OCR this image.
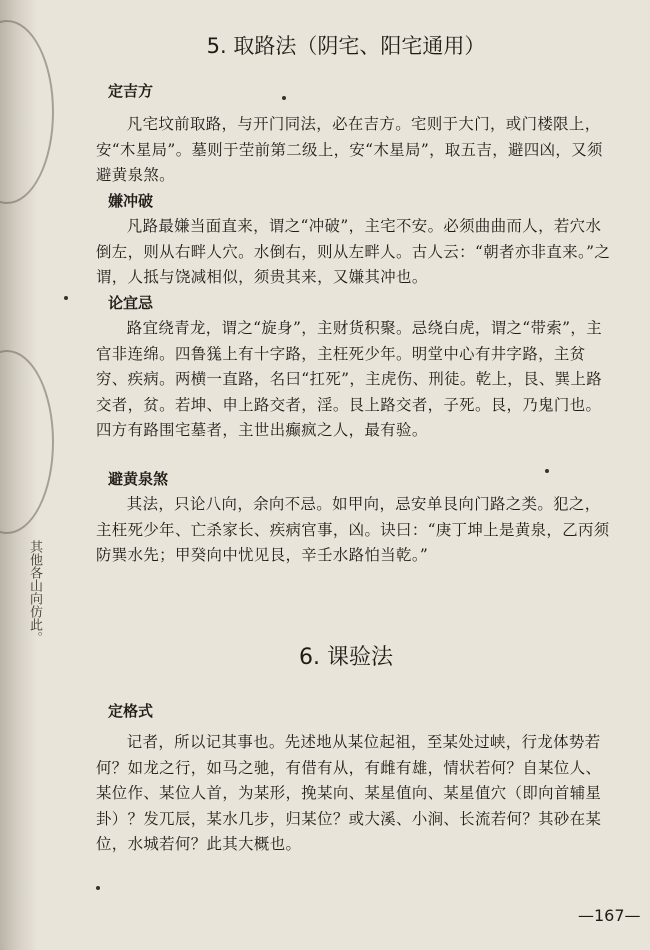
其他各山向仿此。
5. 取路法（阴宅、阳宅通用）
定吉方

凡宅坟前取路，与开门同法，必在吉方。宅则于大门，或门楼限上，安“木星局”。墓则于茔前第二级上，安“木星局”，取五吉，避四凶，又须避黄泉煞。

嫌冲破

凡路最嫌当面直来，谓之“冲破”，主宅不安。必须曲曲而人，若穴水倒左，则从右畔人穴。水倒右，则从左畔人。古人云：“朝者亦非直来。”之谓，人抵与饶减相似，须贵其来，又嫌其冲也。

论宜忌

路宜绕青龙，谓之“旋身”，主财货积聚。忌绕白虎，谓之“带索”，主官非连绵。四鲁獇上有十字路，主枉死少年。明堂中心有井字路，主贫穷、疾病。两横一直路，名曰“扛死”，主虎伤、刑徒。乾上，艮、巽上路交者，贫。若坤、申上路交者，淫。艮上路交者，子死。艮，乃鬼门也。四方有路围宅墓者，主世出癫疯之人，最有验。

避黄泉煞

其法，只论八向，余向不忌。如甲向，忌安单艮向门路之类。犯之，主枉死少年、亡杀家长、疾病官事，凶。诀曰：“庚丁坤上是黄泉，乙丙须防巽水先；甲癸向中忧见艮，辛壬水路怕当乾。”

6. 课验法
定格式

记者，所以记其事也。先述地从某位起祖，至某处过峡，行龙体势若何？如龙之行，如马之驰，有借有从，有雌有雄，情状若何？自某位人、某位作、某位人首，为某形，挽某向、某星值向、某星值穴（即向首辅星卦）？发兀辰，某水几步，归某位？或大溪、小涧、长流若何？其砂在某位，水城若何？此其大概也。

—167—
